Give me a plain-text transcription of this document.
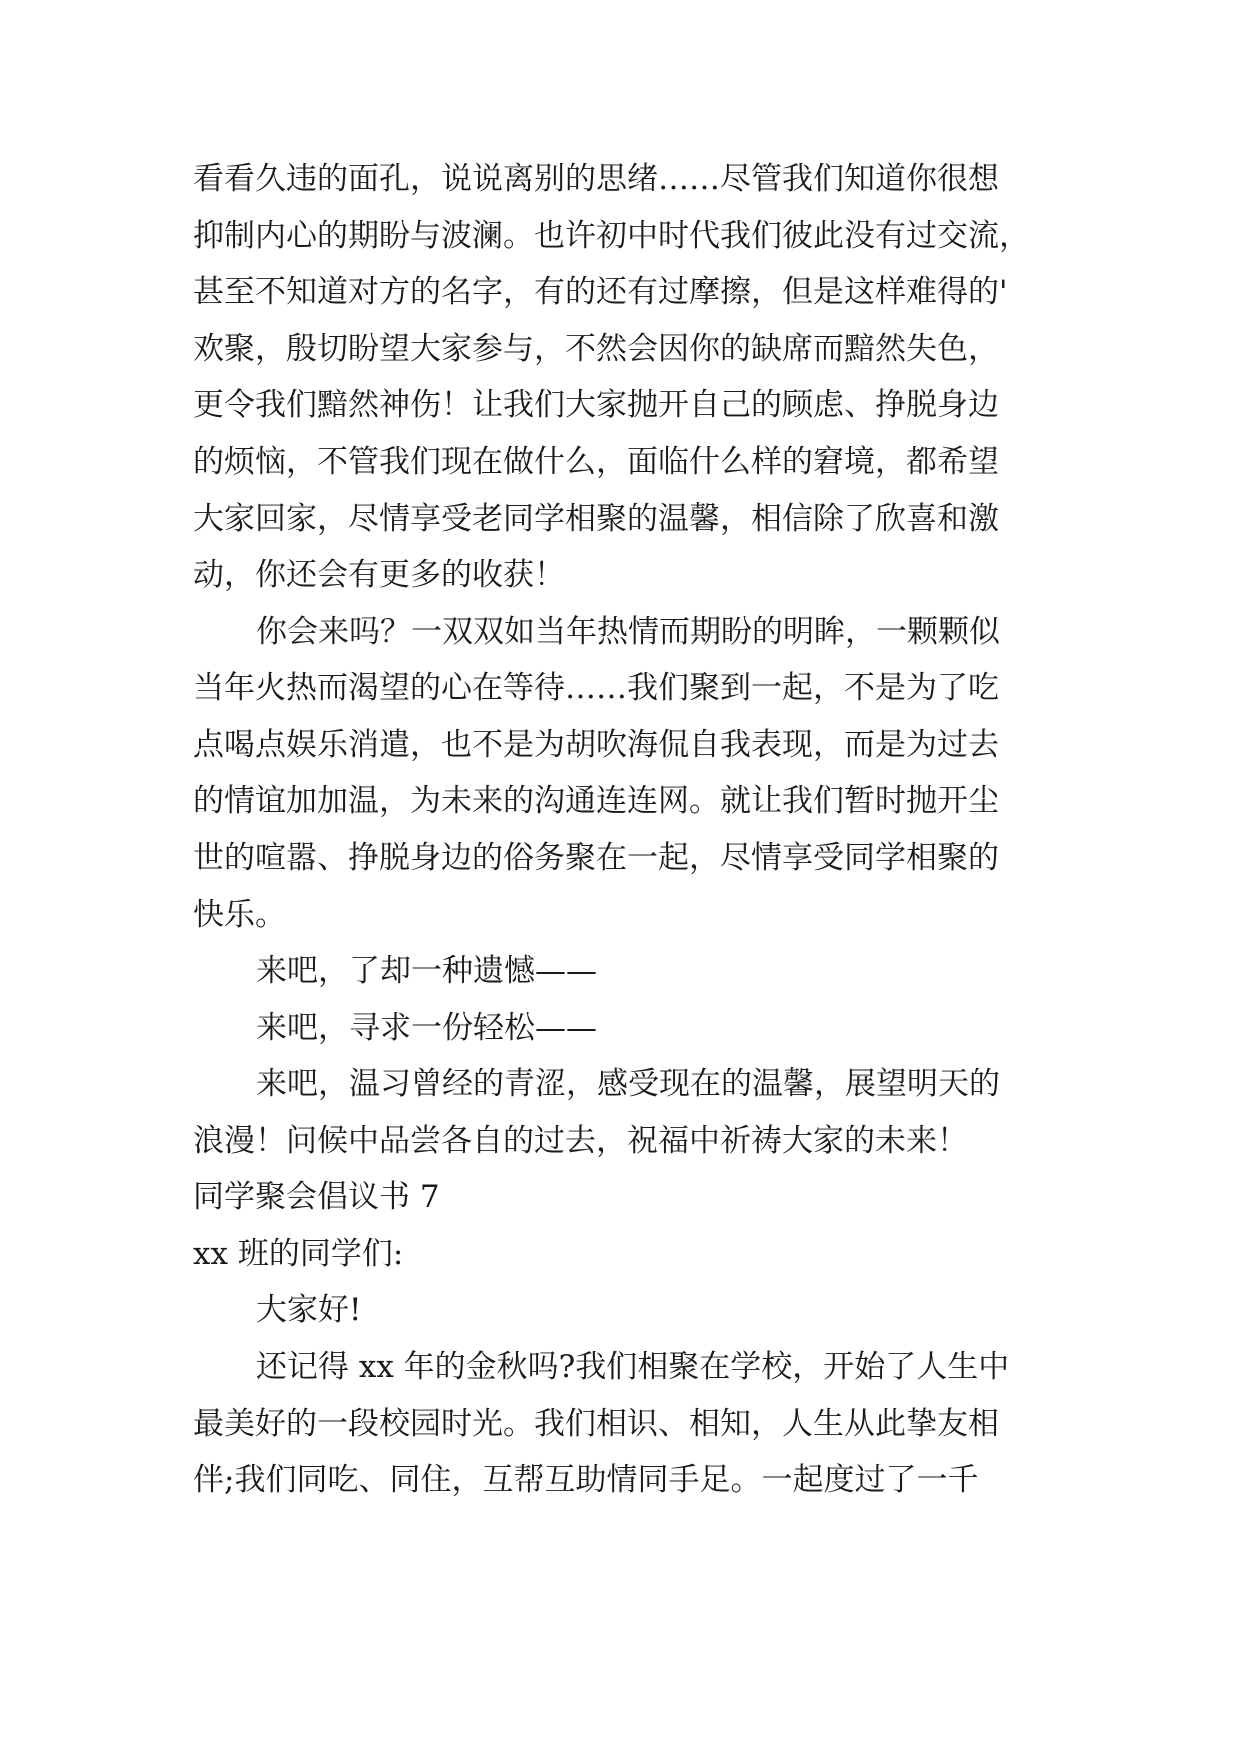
看看久违的面孔，说说离别的思绪……尽管我们知道你很想

抑制内心的期盼与波澜。也许初中时代我们彼此没有过交流，

甚至不知道对方的名字，有的还有过摩擦，但是这样难得的'

欢聚，殷切盼望大家参与，不然会因你的缺席而黯然失色，

更令我们黯然神伤！让我们大家抛开自己的顾虑、挣脱身边

的烦恼，不管我们现在做什么，面临什么样的窘境，都希望

大家回家，尽情享受老同学相聚的温馨，相信除了欣喜和激

动，你还会有更多的收获！

你会来吗？一双双如当年热情而期盼的明眸，一颗颗似

当年火热而渴望的心在等待……我们聚到一起，不是为了吃

点喝点娱乐消遣，也不是为胡吹海侃自我表现，而是为过去

的情谊加加温，为未来的沟通连连网。就让我们暂时抛开尘

世的喧嚣、挣脱身边的俗务聚在一起，尽情享受同学相聚的

快乐。

来吧，了却一种遗憾——

来吧，寻求一份轻松——

来吧，温习曾经的青涩，感受现在的温馨，展望明天的

浪漫！问候中品尝各自的过去，祝福中祈祷大家的未来！

同学聚会倡议书 7

xx 班的同学们:

大家好!

还记得 xx 年的金秋吗?我们相聚在学校，开始了人生中

最美好的一段校园时光。我们相识、相知，人生从此挚友相

伴;我们同吃、同住，互帮互助情同手足。一起度过了一千
